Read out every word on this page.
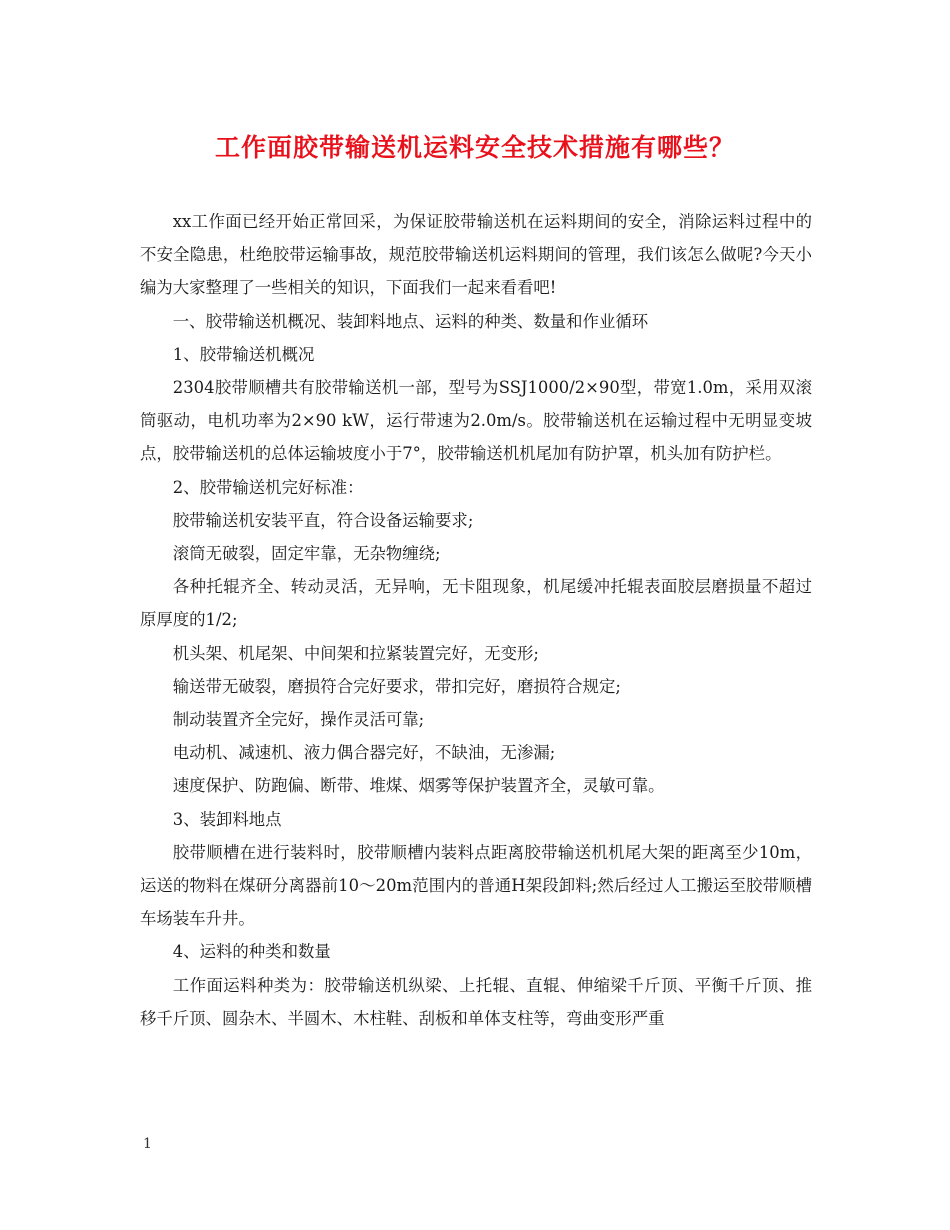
工作面胶带输送机运料安全技术措施有哪些？

xx工作面已经开始正常回采，为保证胶带输送机在运料期间的安全，消除运料过程中的不安全隐患，杜绝胶带运输事故，规范胶带输送机运料期间的管理，我们该怎么做呢?今天小编为大家整理了一些相关的知识，下面我们一起来看看吧!

一、胶带输送机概况、装卸料地点、运料的种类、数量和作业循环

1、胶带输送机概况

2304胶带顺槽共有胶带输送机一部，型号为SSJ1000/2×90型，带宽1.0m，采用双滚筒驱动，电机功率为2×90 kW，运行带速为2.0m/s。胶带输送机在运输过程中无明显变坡点，胶带输送机的总体运输坡度小于7°，胶带输送机机尾加有防护罩，机头加有防护栏。

2、胶带输送机完好标准：

胶带输送机安装平直，符合设备运输要求;

滚筒无破裂，固定牢靠，无杂物缠绕;

各种托辊齐全、转动灵活，无异响，无卡阻现象，机尾缓冲托辊表面胶层磨损量不超过原厚度的1/2;

机头架、机尾架、中间架和拉紧装置完好，无变形;

输送带无破裂，磨损符合完好要求，带扣完好，磨损符合规定;

制动装置齐全完好，操作灵活可靠;

电动机、减速机、液力偶合器完好，不缺油，无渗漏;

速度保护、防跑偏、断带、堆煤、烟雾等保护装置齐全，灵敏可靠。

3、装卸料地点

胶带顺槽在进行装料时，胶带顺槽内装料点距离胶带输送机机尾大架的距离至少10m，运送的物料在煤研分离器前10～20m范围内的普通H架段卸料;然后经过人工搬运至胶带顺槽车场装车升井。

4、运料的种类和数量

工作面运料种类为：胶带输送机纵梁、上托辊、直辊、伸缩梁千斤顶、平衡千斤顶、推移千斤顶、圆杂木、半圆木、木柱鞋、刮板和单体支柱等，弯曲变形严重

1
